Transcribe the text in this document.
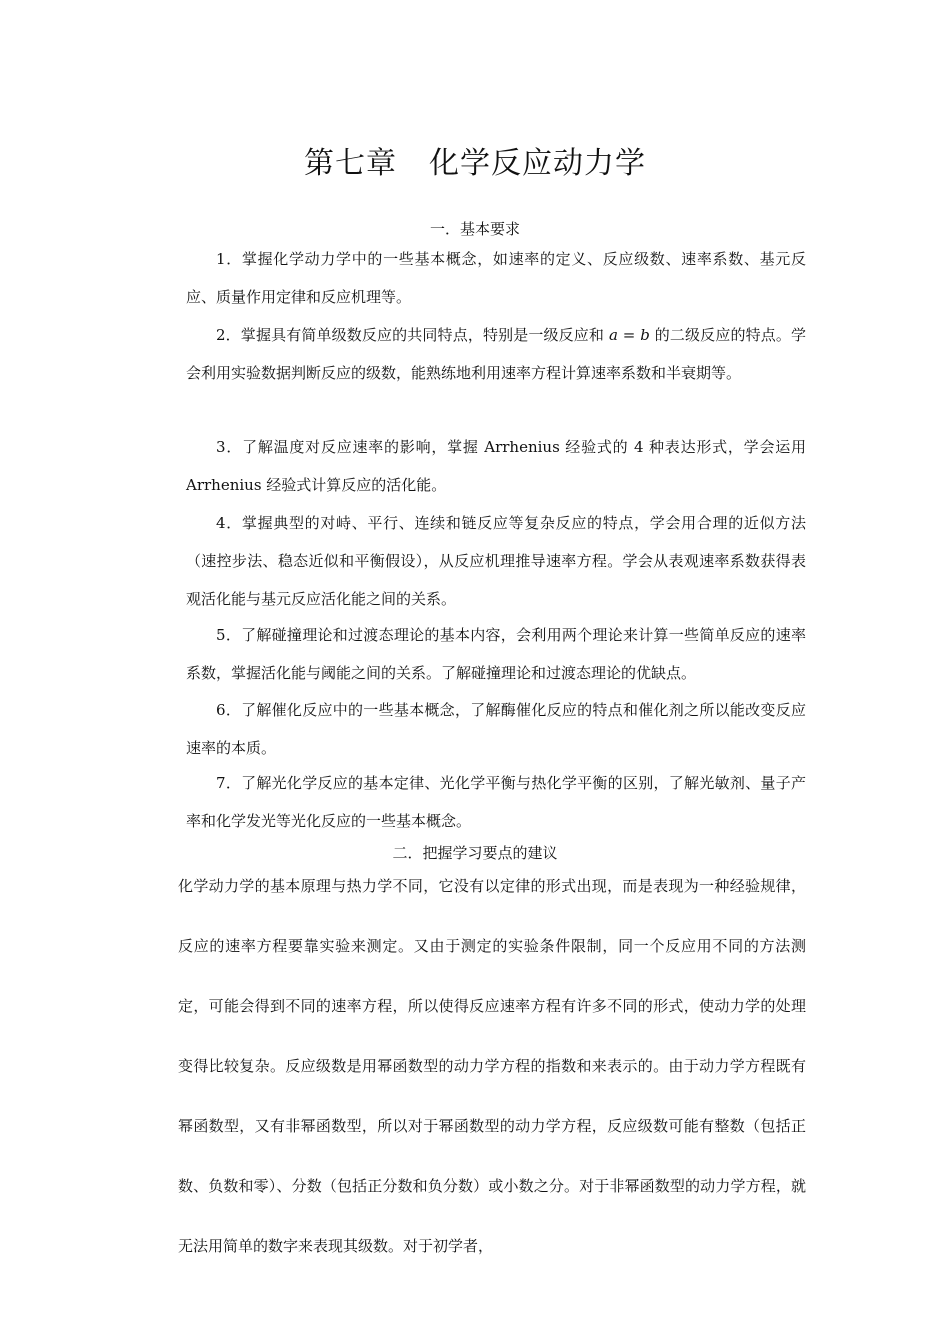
第七章 化学反应动力学
一．基本要求
1．掌握化学动力学中的一些基本概念，如速率的定义、反应级数、速率系数、基元反应、质量作用定律和反应机理等。
2．掌握具有简单级数反应的共同特点，特别是一级反应和 a = b 的二级反应的特点。学会利用实验数据判断反应的级数，能熟练地利用速率方程计算速率系数和半衰期等。
3．了解温度对反应速率的影响，掌握 Arrhenius 经验式的 4 种表达形式，学会运用 Arrhenius 经验式计算反应的活化能。
4．掌握典型的对峙、平行、连续和链反应等复杂反应的特点，学会用合理的近似方法（速控步法、稳态近似和平衡假设），从反应机理推导速率方程。学会从表观速率系数获得表观活化能与基元反应活化能之间的关系。
5．了解碰撞理论和过渡态理论的基本内容，会利用两个理论来计算一些简单反应的速率系数，掌握活化能与阈能之间的关系。了解碰撞理论和过渡态理论的优缺点。
6．了解催化反应中的一些基本概念，了解酶催化反应的特点和催化剂之所以能改变反应速率的本质。
7．了解光化学反应的基本定律、光化学平衡与热化学平衡的区别，了解光敏剂、量子产率和化学发光等光化反应的一些基本概念。
二．把握学习要点的建议
化学动力学的基本原理与热力学不同，它没有以定律的形式出现，而是表现为一种经验规律，反应的速率方程要靠实验来测定。又由于测定的实验条件限制，同一个反应用不同的方法测定，可能会得到不同的速率方程，所以使得反应速率方程有许多不同的形式，使动力学的处理变得比较复杂。反应级数是用幂函数型的动力学方程的指数和来表示的。由于动力学方程既有幂函数型，又有非幂函数型，所以对于幂函数型的动力学方程，反应级数可能有整数（包括正数、负数和零）、分数（包括正分数和负分数）或小数之分。对于非幂函数型的动力学方程，就无法用简单的数字来表现其级数。对于初学者，
